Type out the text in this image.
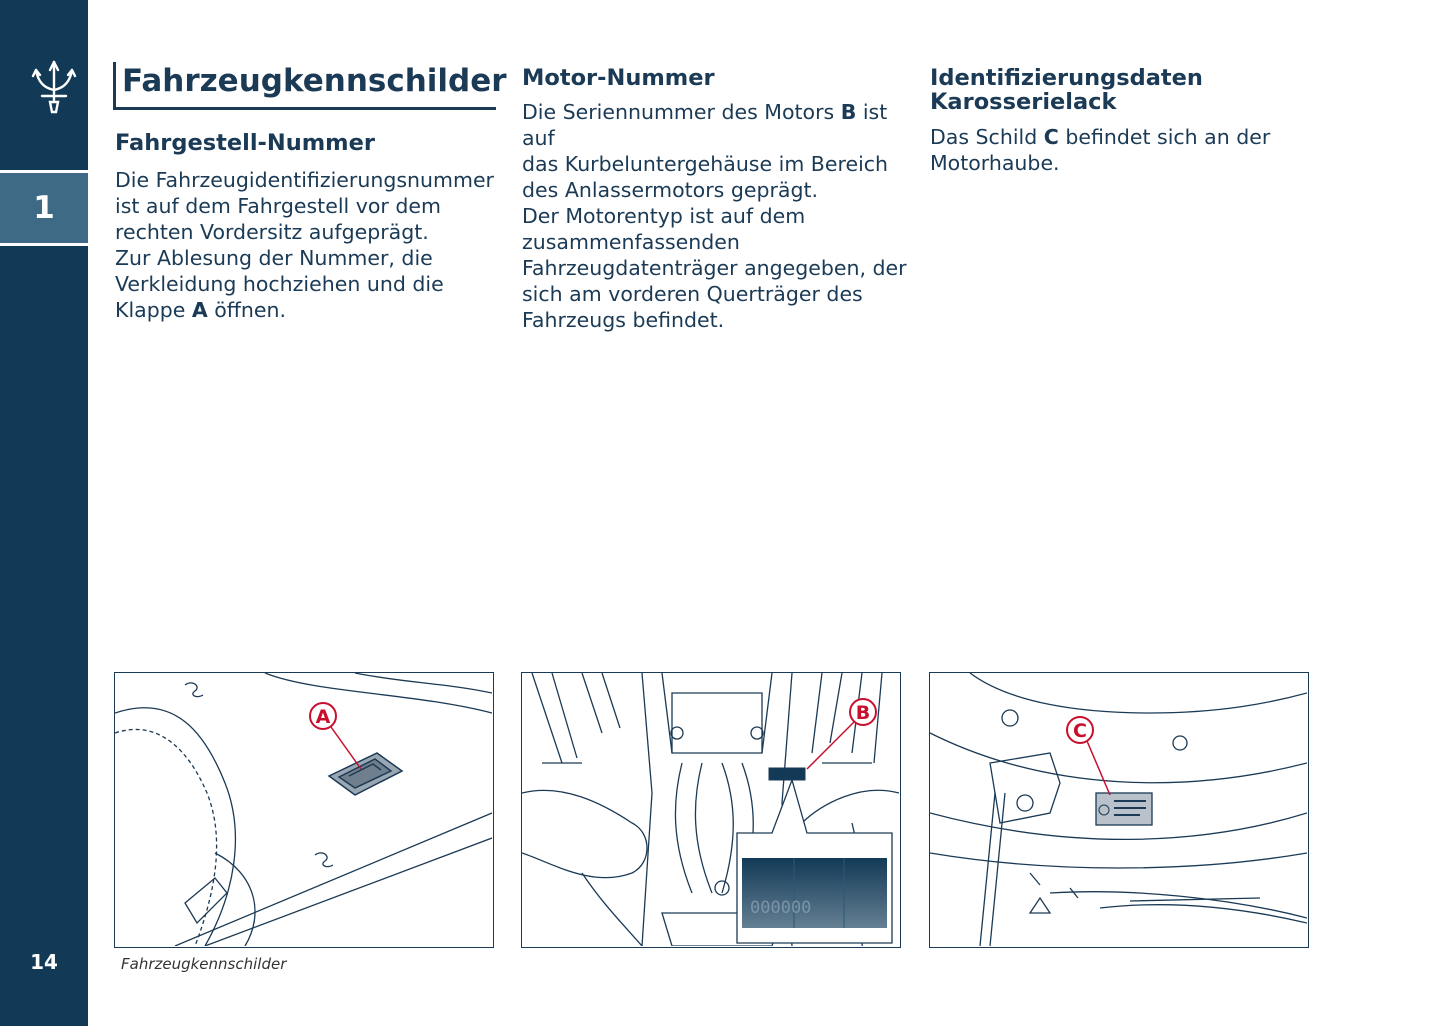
1
14
Fahrzeugkennschilder
Fahrgestell-Nummer

Die Fahrzeugidentifizierungsnummer
ist auf dem Fahrgestell vor dem
rechten Vordersitz aufgeprägt.
Zur Ablesung der Nummer, die
Verkleidung hochziehen und die
Klappe A öffnen.

Motor-Nummer

Die Seriennummer des Motors B ist auf
das Kurbeluntergehäuse im Bereich
des Anlassermotors geprägt.
Der Motorentyp ist auf dem
zusammenfassenden
Fahrzeugdatenträger angegeben, der
sich am vorderen Querträger des
Fahrzeugs befindet.

Identifizierungsdaten
Karosserielack

Das Schild C befindet sich an der
Motorhaube.

A
000000
B
C
Fahrzeugkennschilder
